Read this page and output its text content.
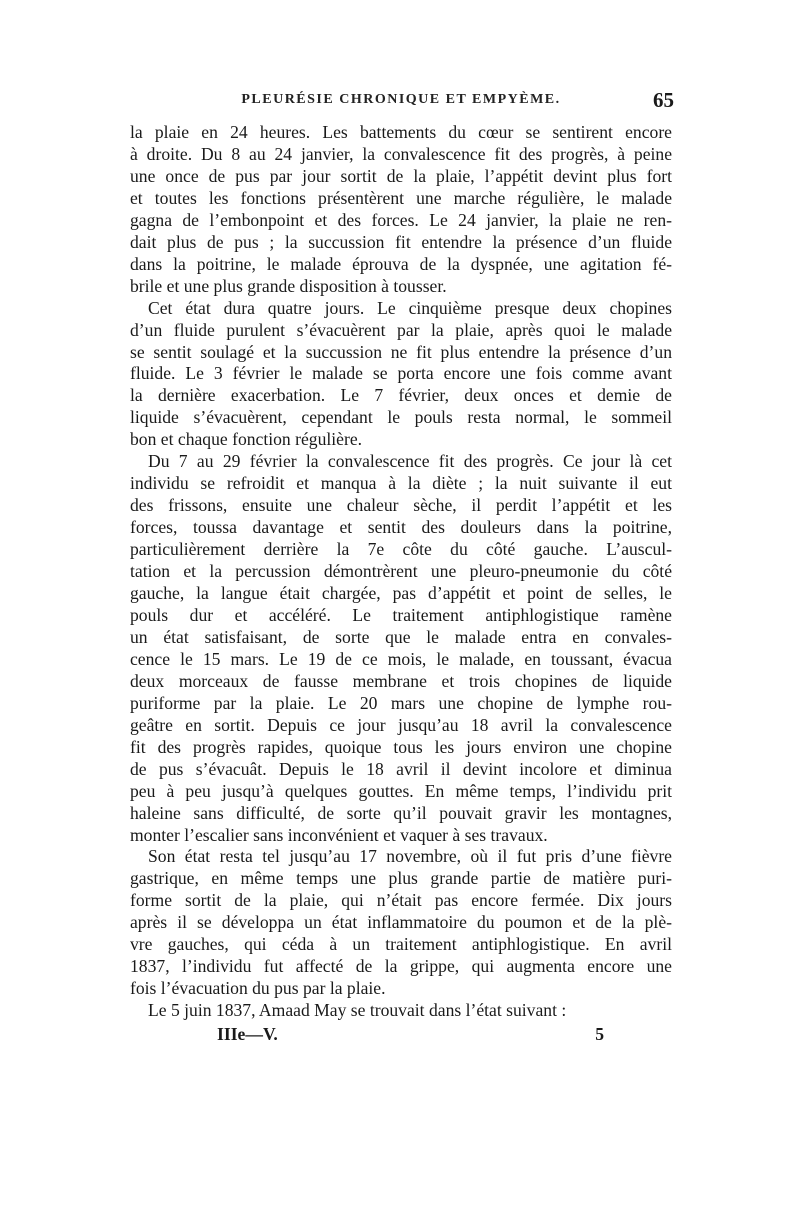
PLEURÉSIE CHRONIQUE ET EMPYÈME.	65

la plaie en 24 heures. Les battements du cœur se sentirent encore
à droite. Du 8 au 24 janvier, la convalescence fit des progrès, à peine
une once de pus par jour sortit de la plaie, l’appétit devint plus fort
et toutes les fonctions présentèrent une marche régulière, le malade
gagna de l’embonpoint et des forces. Le 24 janvier, la plaie ne ren-
dait plus de pus ; la succussion fit entendre la présence d’un fluide
dans la poitrine, le malade éprouva de la dyspnée, une agitation fé-
brile et une plus grande disposition à tousser.

Cet état dura quatre jours. Le cinquième presque deux chopines
d’un fluide purulent s’évacuèrent par la plaie, après quoi le malade
se sentit soulagé et la succussion ne fit plus entendre la présence d’un
fluide. Le 3 février le malade se porta encore une fois comme avant
la dernière exacerbation. Le 7 février, deux onces et demie de
liquide s’évacuèrent, cependant le pouls resta normal, le sommeil
bon et chaque fonction régulière.

Du 7 au 29 février la convalescence fit des progrès. Ce jour là cet
individu se refroidit et manqua à la diète ; la nuit suivante il eut
des frissons, ensuite une chaleur sèche, il perdit l’appétit et les
forces, toussa davantage et sentit des douleurs dans la poitrine,
particulièrement derrière la 7e côte du côté gauche. L’auscul-
tation et la percussion démontrèrent une pleuro-pneumonie du côté
gauche, la langue était chargée, pas d’appétit et point de selles, le
pouls dur et accéléré. Le traitement antiphlogistique ramène
un état satisfaisant, de sorte que le malade entra en convales-
cence le 15 mars. Le 19 de ce mois, le malade, en toussant, évacua
deux morceaux de fausse membrane et trois chopines de liquide
puriforme par la plaie. Le 20 mars une chopine de lymphe rou-
geâtre en sortit. Depuis ce jour jusqu’au 18 avril la convalescence
fit des progrès rapides, quoique tous les jours environ une chopine
de pus s’évacuât. Depuis le 18 avril il devint incolore et diminua
peu à peu jusqu’à quelques gouttes. En même temps, l’individu prit
haleine sans difficulté, de sorte qu’il pouvait gravir les montagnes,
monter l’escalier sans inconvénient et vaquer à ses travaux.

Son état resta tel jusqu’au 17 novembre, où il fut pris d’une fièvre
gastrique, en même temps une plus grande partie de matière puri-
forme sortit de la plaie, qui n’était pas encore fermée. Dix jours
après il se développa un état inflammatoire du poumon et de la plè-
vre gauches, qui céda à un traitement antiphlogistique. En avril
1837, l’individu fut affecté de la grippe, qui augmenta encore une
fois l’évacuation du pus par la plaie.

Le 5 juin 1837, Amaad May se trouvait dans l’état suivant :

IIIe—V.	5
